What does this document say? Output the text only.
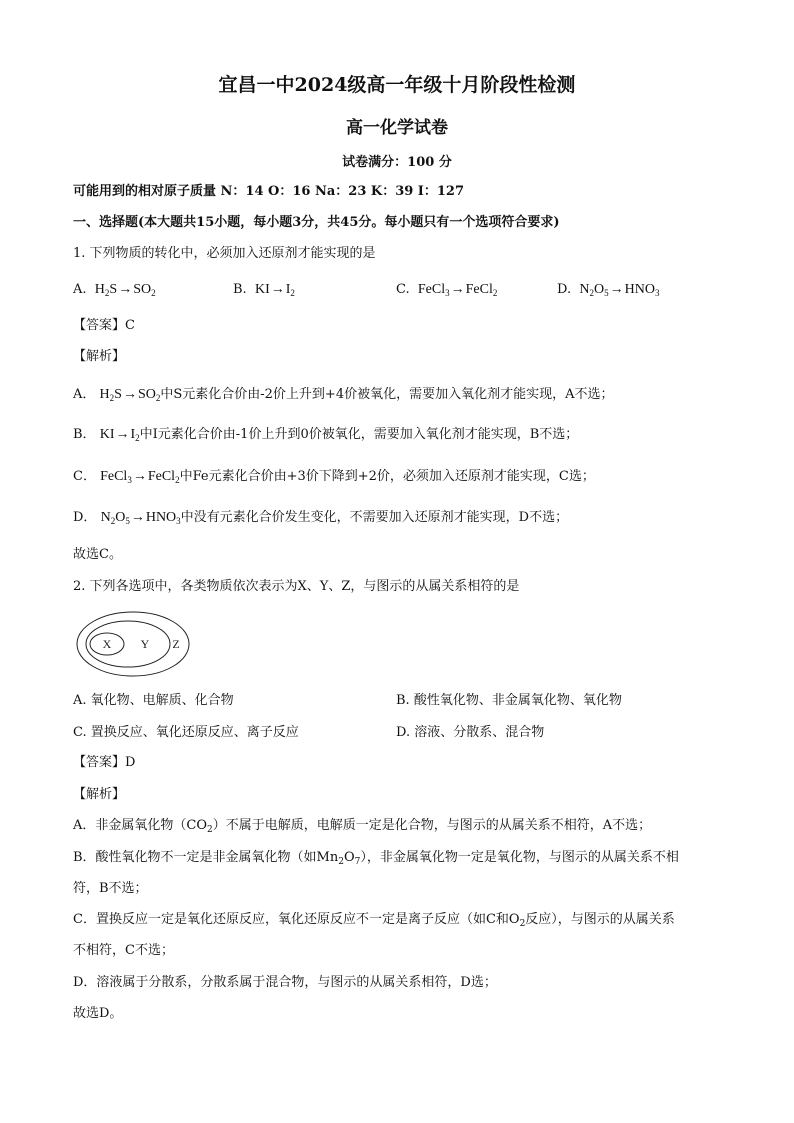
宜昌一中2024级高一年级十月阶段性检测
高一化学试卷
试卷满分：100 分
可能用到的相对原子质量 N：14 O：16 Na：23 K：39 I：127
一、选择题(本大题共15小题，每小题3分，共45分。每小题只有一个选项符合要求)
1. 下列物质的转化中，必须加入还原剂才能实现的是
A. $H_2S\to SO_2$	B. $KI\to I_2$	C. FeCl$_3$→FeCl$_2$	D. $N_2O_5\to HNO_3$
【答案】C
【解析】
A． $H_2S\to SO_2$中S元素化合价由-2价上升到+4价被氧化，需要加入氧化剂才能实现，A不选；
B． $KI\to I_2$中I元素化合价由-1价上升到0价被氧化，需要加入氧化剂才能实现，B不选；
C． FeCl$_3$→FeCl$_2$中Fe元素化合价由+3价下降到+2价，必须加入还原剂才能实现，C选；
D． $N_2O_5\to HNO_3$中没有元素化合价发生变化，不需要加入还原剂才能实现，D不选；
故选C。
2. 下列各选项中，各类物质依次表示为X、Y、Z，与图示的从属关系相符的是
X Y Z
A. 氧化物、电解质、化合物	B. 酸性氧化物、非金属氧化物、氧化物
C. 置换反应、氧化还原反应、离子反应	D. 溶液、分散系、混合物
【答案】D
【解析】
A．非金属氧化物$(CO_2)$不属于电解质，电解质一定是化合物，与图示的从属关系不相符，A不选；
B．酸性氧化物不一定是非金属氧化物（如$Mn_2O_7$），非金属氧化物一定是氧化物，与图示的从属关系不相
符，B不选；
C．置换反应一定是氧化还原反应，氧化还原反应不一定是离子反应（如C和$O_2$反应），与图示的从属关系
不相符，C不选；
D．溶液属于分散系，分散系属于混合物，与图示的从属关系相符，D选；
故选D。
